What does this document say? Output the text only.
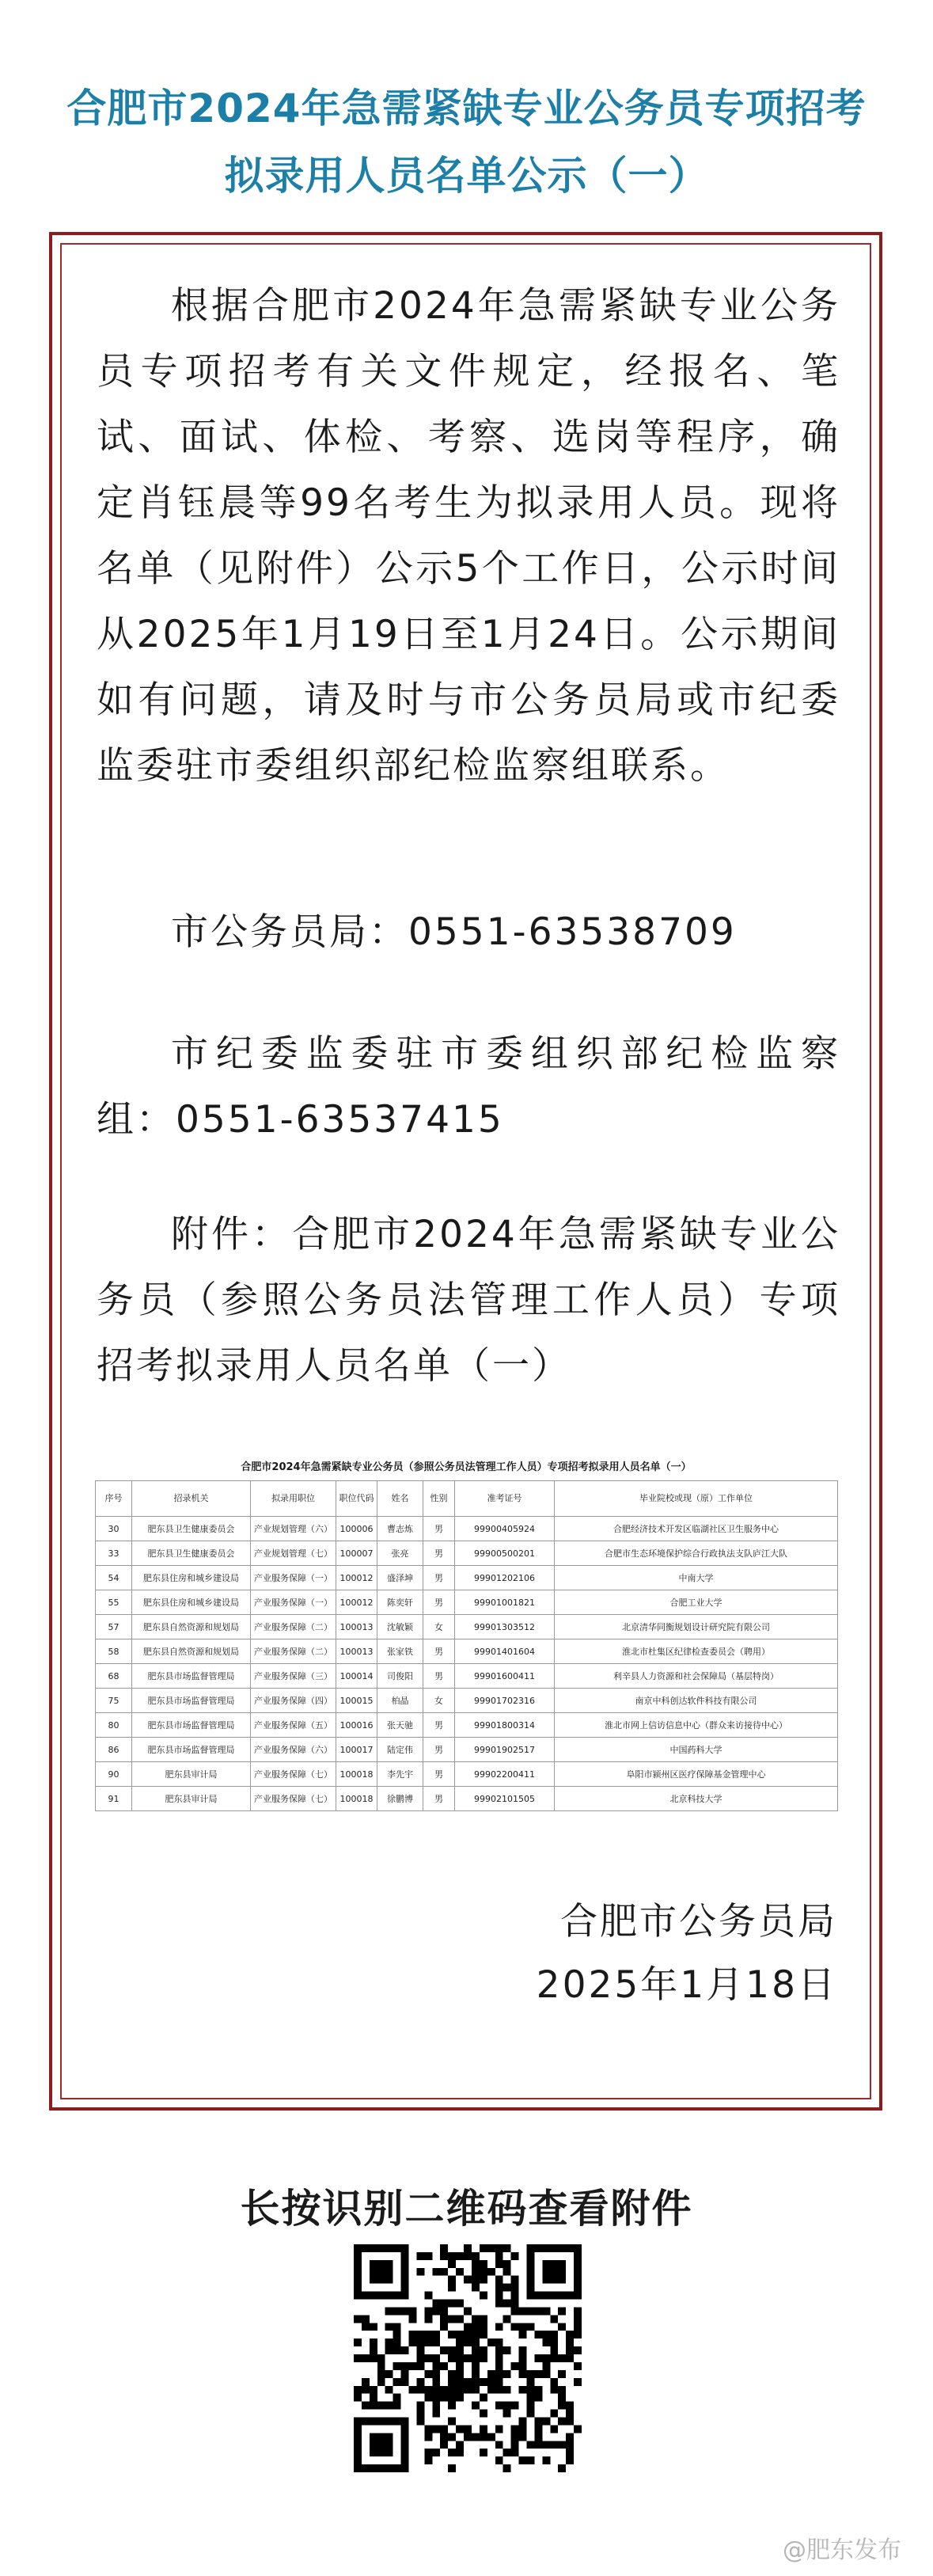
合肥市2024年急需紧缺专业公务员专项招考
拟录用人员名单公示（一）

根据合肥市2024年急需紧缺专业公务员专项招考有关文件规定，经报名、笔试、面试、体检、考察、选岗等程序，确定肖钰晨等99名考生为拟录用人员。现将名单（见附件）公示5个工作日，公示时间从2025年1月19日至1月24日。公示期间如有问题，请及时与市公务员局或市纪委监委驻市委组织部纪检监察组联系。

市公务员局：0551-63538709

市纪委监委驻市委组织部纪检监察组：0551-63537415

附件：合肥市2024年急需紧缺专业公务员（参照公务员法管理工作人员）专项招考拟录用人员名单（一）

合肥市2024年急需紧缺专业公务员（参照公务员法管理工作人员）专项招考拟录用人员名单（一）
序号	招录机关	拟录用职位	职位代码	姓名	性别	准考证号	毕业院校或现（原）工作单位
30	肥东县卫生健康委员会	产业规划管理（六）	100006	曹志炼	男	99900405924	合肥经济技术开发区临湖社区卫生服务中心
33	肥东县卫生健康委员会	产业规划管理（七）	100007	张亮	男	99900500201	合肥市生态环境保护综合行政执法支队庐江大队
54	肥东县住房和城乡建设局	产业服务保障（一）	100012	盛泽坤	男	99901202106	中南大学
55	肥东县住房和城乡建设局	产业服务保障（一）	100012	陈奕轩	男	99901001821	合肥工业大学
57	肥东县自然资源和规划局	产业服务保障（二）	100013	沈敏颖	女	99901303512	北京清华同衡规划设计研究院有限公司
58	肥东县自然资源和规划局	产业服务保障（二）	100013	张家铁	男	99901401604	淮北市杜集区纪律检查委员会（聘用）
68	肥东县市场监督管理局	产业服务保障（三）	100014	司俊阳	男	99901600411	利辛县人力资源和社会保障局（基层特岗）
75	肥东县市场监督管理局	产业服务保障（四）	100015	柏晶	女	99901702316	南京中科创达软件科技有限公司
80	肥东县市场监督管理局	产业服务保障（五）	100016	张天驰	男	99901800314	淮北市网上信访信息中心（群众来访接待中心）
86	肥东县市场监督管理局	产业服务保障（六）	100017	陆定伟	男	99901902517	中国药科大学
90	肥东县审计局	产业服务保障（七）	100018	李先宇	男	99902200411	阜阳市颍州区医疗保障基金管理中心
91	肥东县审计局	产业服务保障（七）	100018	徐鹏博	男	99902101505	北京科技大学
合肥市公务员局
2025年1月18日
长按识别二维码查看附件
@肥东发布
